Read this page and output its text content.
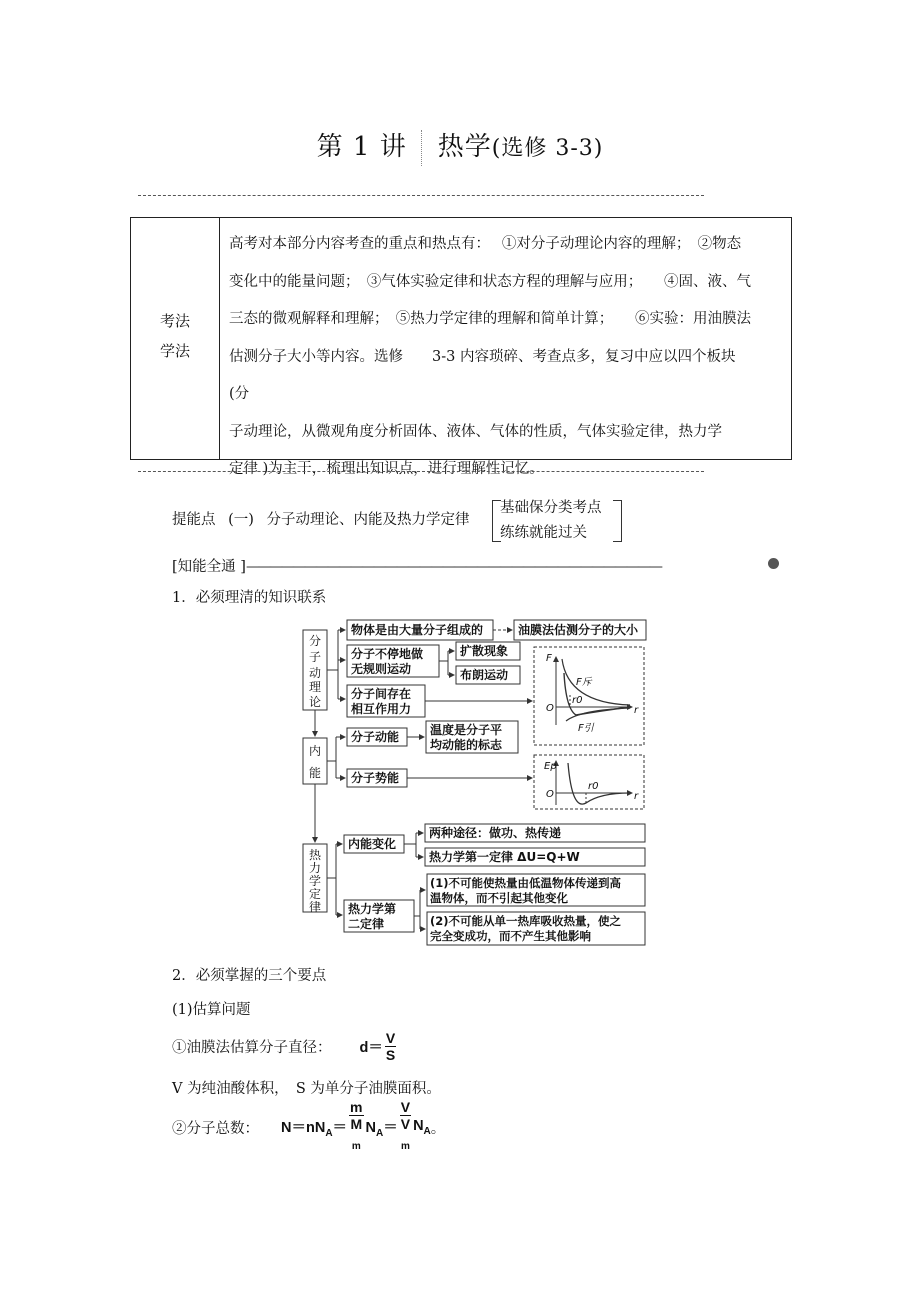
第 1 讲 热学(选修 3-3)
考法
学法
高考对本部分内容考查的重点和热点有：　 ①对分子动理论内容的理解；　②物态
变化中的能量问题；　③气体实验定律和状态方程的理解与应用；　　④固、液、气
三态的微观解释和理解；　⑤热力学定律的理解和简单计算；　　⑥实验：用油膜法
估测分子大小等内容。选修　　3-3 内容琐碎、考查点多，复习中应以四个板块　　(分
子动理论，从微观角度分析固体、液体、气体的性质，气体实验定律，热力学
定律 )为主干，梳理出知识点，进行理解性记忆。
提能点 (一) 分子动理论、内能及热力学定律
基础保分类考点
练练就能过关
[知能全通 ]————————————————————————————————————
1．必须理清的知识联系
分
子
动
理
论
内
能
热
力
学
定
律
物体是由大量分子组成的	油膜法估测分子的大小
分子不停地做
无规则运动
扩散现象
布朗运动
分子间存在
相互作用力
分子动能	温度是分子平
均动能的标志
分子势能
内能变化
两种途径：做功、热传递
热力学第一定律 ΔU=Q+W
热力学第
二定律
(1)不可能使热量由低温物体传递到高
温物体，而不引起其他变化
(2)不可能从单一热库吸收热量，使之
完全变成功，而不产生其他影响
F
F斥
r0
O	r
F引
Ep
r0
O	r
2．必须掌握的三个要点
(1)估算问题
①油膜法估算分子直径： $d= \frac{V}{S}$
V 为纯油酸体积，　S 为单分子油膜面积。
②分子总数： $N=nN_A= m$
M
$_m$ $N_A= V$
V
$_m$ $N_A$ 。
